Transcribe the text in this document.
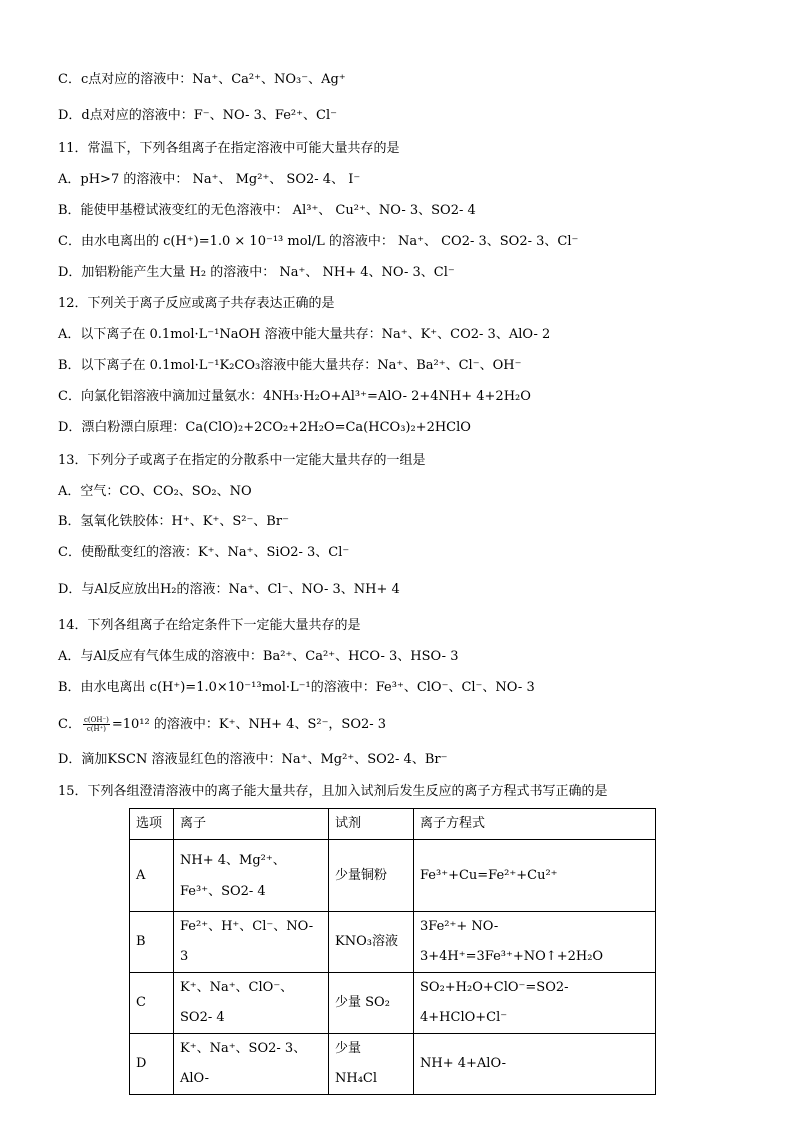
C．c点对应的溶液中：Na⁺、Ca²⁺、NO₃⁻、Ag⁺
D．d点对应的溶液中：F⁻、NO- 3、Fe²⁺、Cl⁻
11．常温下，下列各组离子在指定溶液中可能大量共存的是
A．pH>7 的溶液中： Na⁺、 Mg²⁺、 SO2- 4、 I⁻
B．能使甲基橙试液变红的无色溶液中： Al³⁺、 Cu²⁺、NO- 3、SO2- 4
C．由水电离出的 c(H⁺)=1.0 × 10⁻¹³ mol/L 的溶液中： Na⁺、 CO2- 3、SO2- 3、Cl⁻
D．加铝粉能产生大量 H₂ 的溶液中： Na⁺、 NH+ 4、NO- 3、Cl⁻
12．下列关于离子反应或离子共存表达正确的是
A．以下离子在 0.1mol·L⁻¹NaOH 溶液中能大量共存：Na⁺、K⁺、CO2- 3、AlO- 2
B．以下离子在 0.1mol·L⁻¹K₂CO₃溶液中能大量共存：Na⁺、Ba²⁺、Cl⁻、OH⁻
C．向氯化铝溶液中滴加过量氨水：4NH₃·H₂O+Al³⁺=AlO- 2+4NH+ 4+2H₂O
D．漂白粉漂白原理：Ca(ClO)₂+2CO₂+2H₂O=Ca(HCO₃)₂+2HClO
13．下列分子或离子在指定的分散系中一定能大量共存的一组是
A．空气：CO、CO₂、SO₂、NO
B．氢氧化铁胶体：H⁺、K⁺、S²⁻、Br⁻
C．使酚酞变红的溶液：K⁺、Na⁺、SiO2- 3、Cl⁻
D．与Al反应放出H₂的溶液：Na⁺、Cl⁻、NO- 3、NH+ 4
14．下列各组离子在给定条件下一定能大量共存的是
A．与Al反应有气体生成的溶液中：Ba²⁺、Ca²⁺、HCO- 3、HSO- 3
B．由水电离出 c(H⁺)=1.0×10⁻¹³mol·L⁻¹的溶液中：Fe³⁺、ClO⁻、Cl⁻、NO- 3
D．滴加KSCN 溶液显红色的溶液中：Na⁺、Mg²⁺、SO2- 4、Br⁻
15．下列各组澄清溶液中的离子能大量共存，且加入试剂后发生反应的离子方程式书写正确的是
C． $\frac{c(OH^-)}{c(H^+)} =10^{12}$ 的溶液中：K⁺、NH+ 4、S²⁻，SO2- 3
选项	离子	试剂	离子方程式
A	NH+ 4、Mg²⁺、Fe³⁺、SO2- 4	少量铜粉	Fe³⁺+Cu=Fe²⁺+Cu²⁺
B	Fe²⁺、H⁺、Cl⁻、NO- 3	KNO₃溶液	3Fe²⁺+ NO- 3+4H⁺=3Fe³⁺+NO↑+2H₂O
C	K⁺、Na⁺、ClO⁻、SO2- 4	少量 SO₂	SO₂+H₂O+ClO⁻=SO2- 4+HClO+Cl⁻
D	K⁺、Na⁺、SO2- 3、AlO-	少量 NH₄Cl	NH+ 4+AlO-
